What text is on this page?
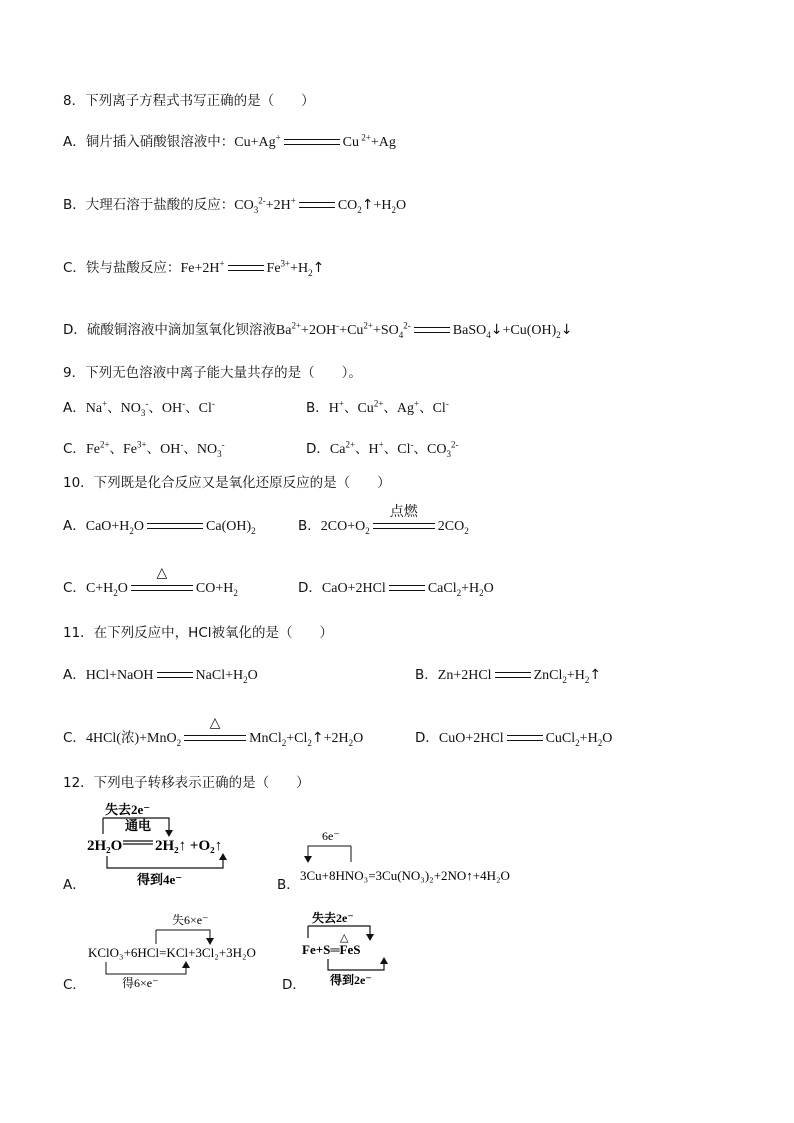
8．下列离子方程式书写正确的是（　　）
A．铜片插入硝酸银溶液中：Cu+Ag+	Cu $^{2+}$+Ag
B．大理石溶于盐酸的反应：$CO_3^{2-}+2H^+$	$CO_2↑+H_2O$
C．铁与盐酸反应：Fe+2H+	$Fe^{3+}+H_2↑$
D．硫酸铜溶液中滴加氢氧化钡溶液$Ba^{2+}+2OH^-+Cu^{2+}+SO_4^{2-}$	$BaSO_4↓+Cu(OH)_2↓$
9．下列无色溶液中离子能大量共存的是（　　）。
A．Na+、$NO_3^-$、OH-、Cl-	B．H+、$Cu^{2+}$、Ag+、Cl-
C．$Fe^{2+}$、$Fe^{3+}$、OH-、$NO_3^-$	D．$Ca^{2+}$、H+、Cl-、$CO_3^{2-}$
10．下列既是化合反应又是氧化还原反应的是（　　）
A．$CaO+H_2O$	$Ca(OH)_2$	B．$2CO+O_2$
点燃
$2CO_2$
C．$C+H_2O$
△
$CO+H_2$	D．CaO+2HCl	$CaCl_2+H_2O$
11．在下列反应中，HCl被氧化的是（　　）
A．HCl+NaOH	$NaCl+H_2O$	B．Zn+2HCl	$ZnCl_2+H_2↑$
C．4HCl(浓)+MnO$_2$
△
$MnCl_2+Cl_2↑+2H_2O$	D．CuO+2HCl	$CuCl_2+H_2O$
12．下列电子转移表示正确的是（　　）
A．
失去2e⁻
通电
2H₂O 2H₂↑ +O₂↑
得到4e⁻	B．
6e⁻
3Cu+8HNO₃=3Cu(NO₃)₂+2NO↑+4H₂O
C．
失6×e⁻
KClO₃+6HCl=KCl+3Cl₂+3H₂O
得6×e⁻	D．
失去2e⁻
△
Fe+S═FeS
得到2e⁻
